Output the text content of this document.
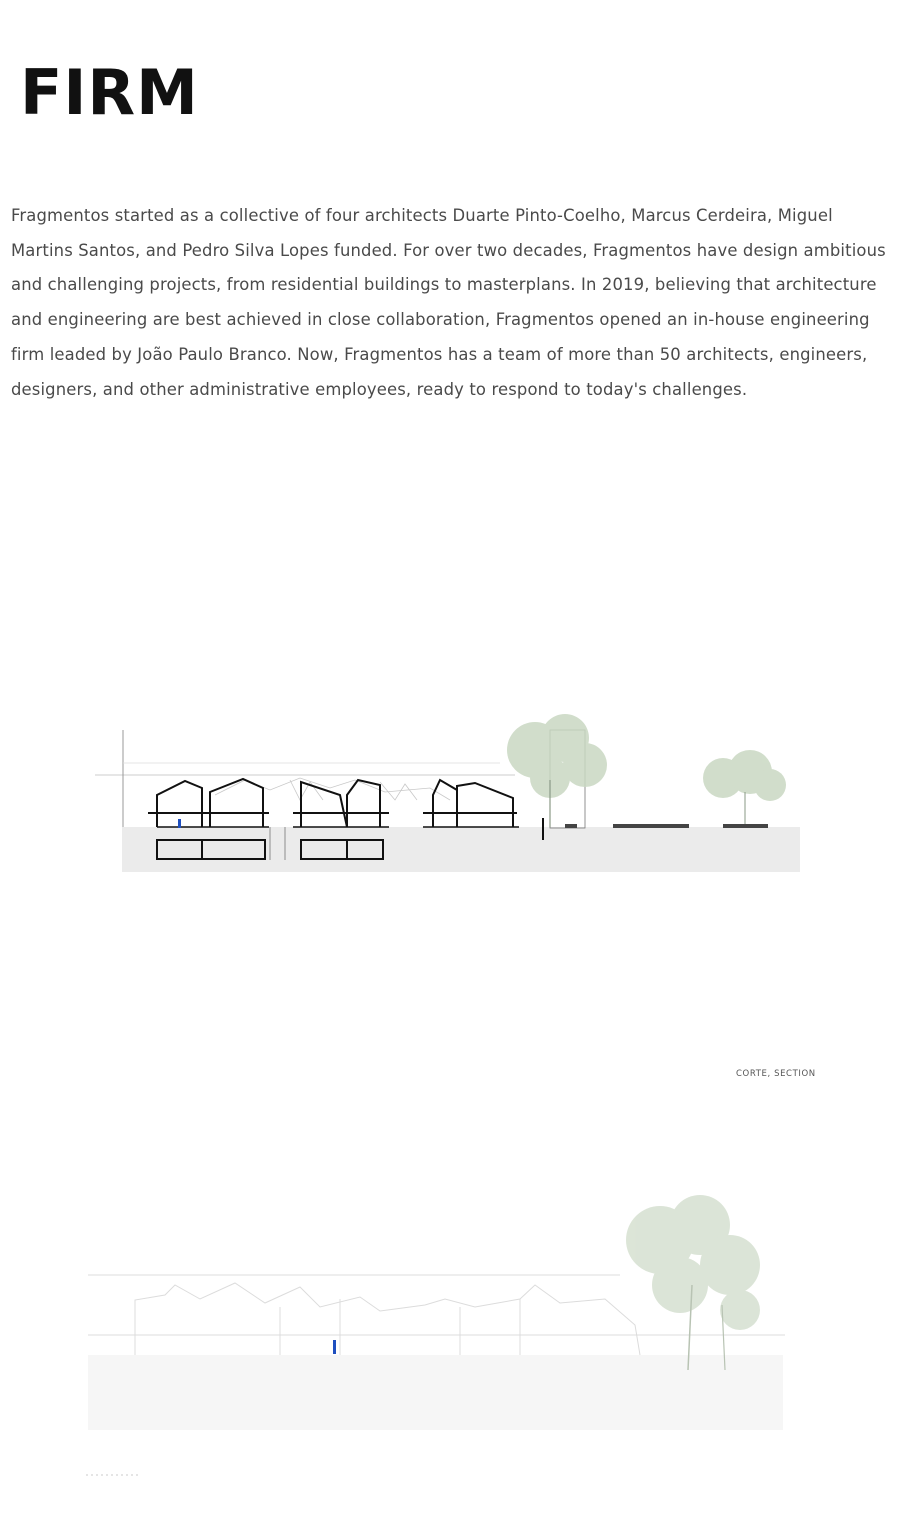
FIRM

Fragmentos started as a collective of four architects Duarte Pinto-Coelho, Marcus Cerdeira, Miguel Martins Santos, and Pedro Silva Lopes funded. For over two decades, Fragmentos have design ambitious and challenging projects, from residential buildings to masterplans. In 2019, believing that architecture and engineering are best achieved in close collaboration, Fragmentos opened an in-house engineering firm leaded by João Paulo Branco. Now, Fragmentos has a team of more than 50 architects, engineers, designers, and other administrative employees, ready to respond to today's challenges.

CORTE, SECTION
